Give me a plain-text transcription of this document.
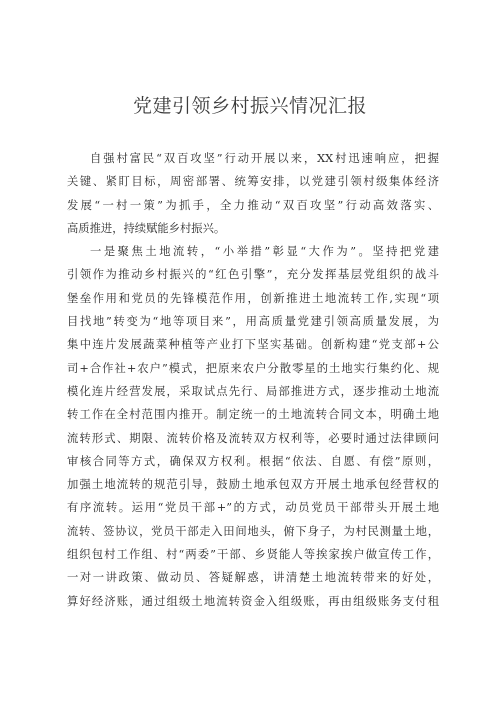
党建引领乡村振兴情况汇报

自强村富民“双百攻坚”行动开展以来，XX村迅速响应，把握
关键、紧盯目标，周密部署、统筹安排，以党建引领村级集体经济
发展“一村一策”为抓手，全力推动“双百攻坚”行动高效落实、
高质推进，持续赋能乡村振兴。

一是聚焦土地流转，“小举措”彰显“大作为”。坚持把党建
引领作为推动乡村振兴的“红色引擎”，充分发挥基层党组织的战斗
堡垒作用和党员的先锋模范作用，创新推进土地流转工作,实现“项
目找地”转变为“地等项目来”，用高质量党建引领高质量发展，为
集中连片发展蔬菜种植等产业打下坚实基础。创新构建“党支部+公
司+合作社+农户”模式，把原来农户分散零星的土地实行集约化、规
模化连片经营发展，采取试点先行、局部推进方式，逐步推动土地流
转工作在全村范围内推开。制定统一的土地流转合同文本，明确土地
流转形式、期限、流转价格及流转双方权利等，必要时通过法律顾问
审核合同等方式，确保双方权利。根据“依法、自愿、有偿”原则，
加强土地流转的规范引导，鼓励土地承包双方开展土地承包经营权的
有序流转。运用“党员干部+”的方式，动员党员干部带头开展土地
流转、签协议，党员干部走入田间地头，俯下身子，为村民测量土地，
组织包村工作组、村“两委”干部、乡贤能人等挨家挨户做宣传工作，
一对一讲政策、做动员、答疑解惑，讲清楚土地流转带来的好处，
算好经济账，通过组级土地流转资金入组级账，再由组级账务支付租
